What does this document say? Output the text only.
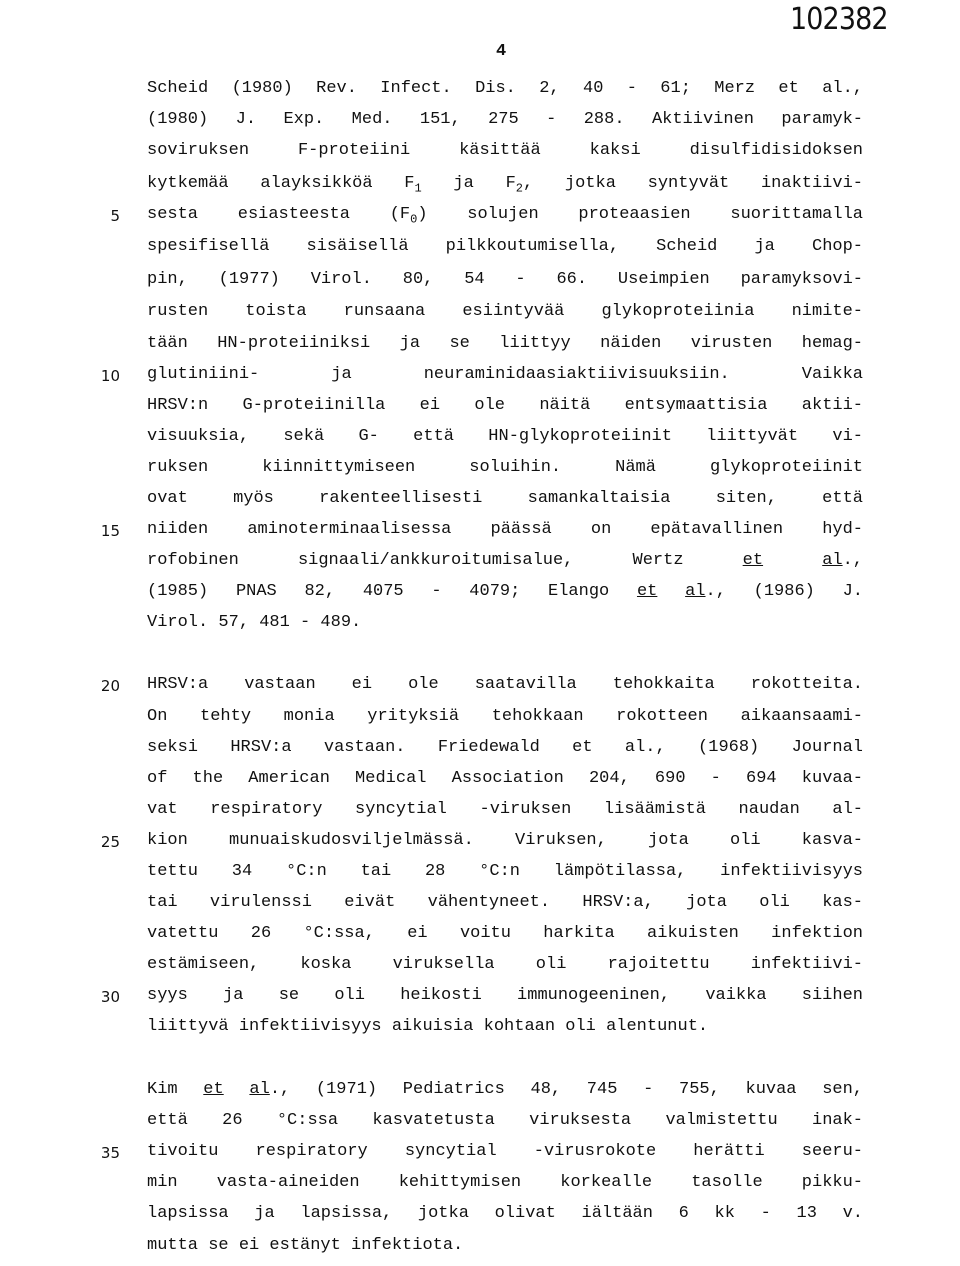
102382
4
5
10
15
20
25
30
35
Scheid (1980) Rev. Infect. Dis. 2, 40 - 61; Merz et al.,
(1980) J. Exp. Med. 151, 275 - 288. Aktiivinen paramyk-
soviruksen F-proteiini käsittää kaksi disulfidisidoksen
kytkemää alayksikköä $F_1$ ja $F_2$, jotka syntyvät inaktiivi-
sesta esiasteesta $(F_0)$ solujen proteaasien suorittamalla
spesifisellä sisäisellä pilkkoutumisella, Scheid ja Chop-
pin, (1977) Virol. 80, 54 - 66. Useimpien paramyksovi-
rusten toista runsaana esiintyvää glykoproteiinia nimite-
tään HN-proteiiniksi ja se liittyy näiden virusten hemag-
glutiniini- ja neuraminidaasiaktiivisuuksiin. Vaikka
HRSV:n G-proteiinilla ei ole näitä entsymaattisia aktii-
visuuksia, sekä G- että HN-glykoproteiinit liittyvät vi-
ruksen kiinnittymiseen soluihin. Nämä glykoproteiinit
ovat myös rakenteellisesti samankaltaisia siten, että
niiden aminoterminaalisessa päässä on epätavallinen hyd-
rofobinen signaali/ankkuroitumisalue, Wertz et	al.,
(1985) PNAS 82, 4075 - 4079; Elango et al., (1986) J.
Virol. 57, 481 - 489.
HRSV:a vastaan ei ole saatavilla tehokkaita rokotteita.
On tehty monia yrityksiä tehokkaan rokotteen aikaansaami-
seksi HRSV:a vastaan. Friedewald et al., (1968) Journal
of the American Medical Association 204, 690 - 694 kuvaa-
vat respiratory syncytial -viruksen lisäämistä naudan al-
kion munuaiskudosviljelmässä. Viruksen, jota oli kasva-
tettu 34 °C:n tai 28 °C:n lämpötilassa, infektiivisyys
tai virulenssi eivät vähentyneet. HRSV:a, jota oli kas-
vatettu 26 °C:ssa, ei voitu harkita aikuisten infektion
estämiseen, koska viruksella oli rajoitettu infektiivi-
syys ja se oli heikosti immunogeeninen, vaikka siihen
liittyvä infektiivisyys aikuisia kohtaan oli alentunut.
Kim et al., (1971) Pediatrics 48, 745 - 755, kuvaa sen,
että 26 °C:ssa kasvatetusta viruksesta valmistettu inak-
tivoitu respiratory syncytial -virusrokote herätti seeru-
min vasta-aineiden kehittymisen korkealle tasolle pikku-
lapsissa ja lapsissa, jotka olivat iältään 6 kk - 13 v.
mutta se ei estänyt infektiota.
